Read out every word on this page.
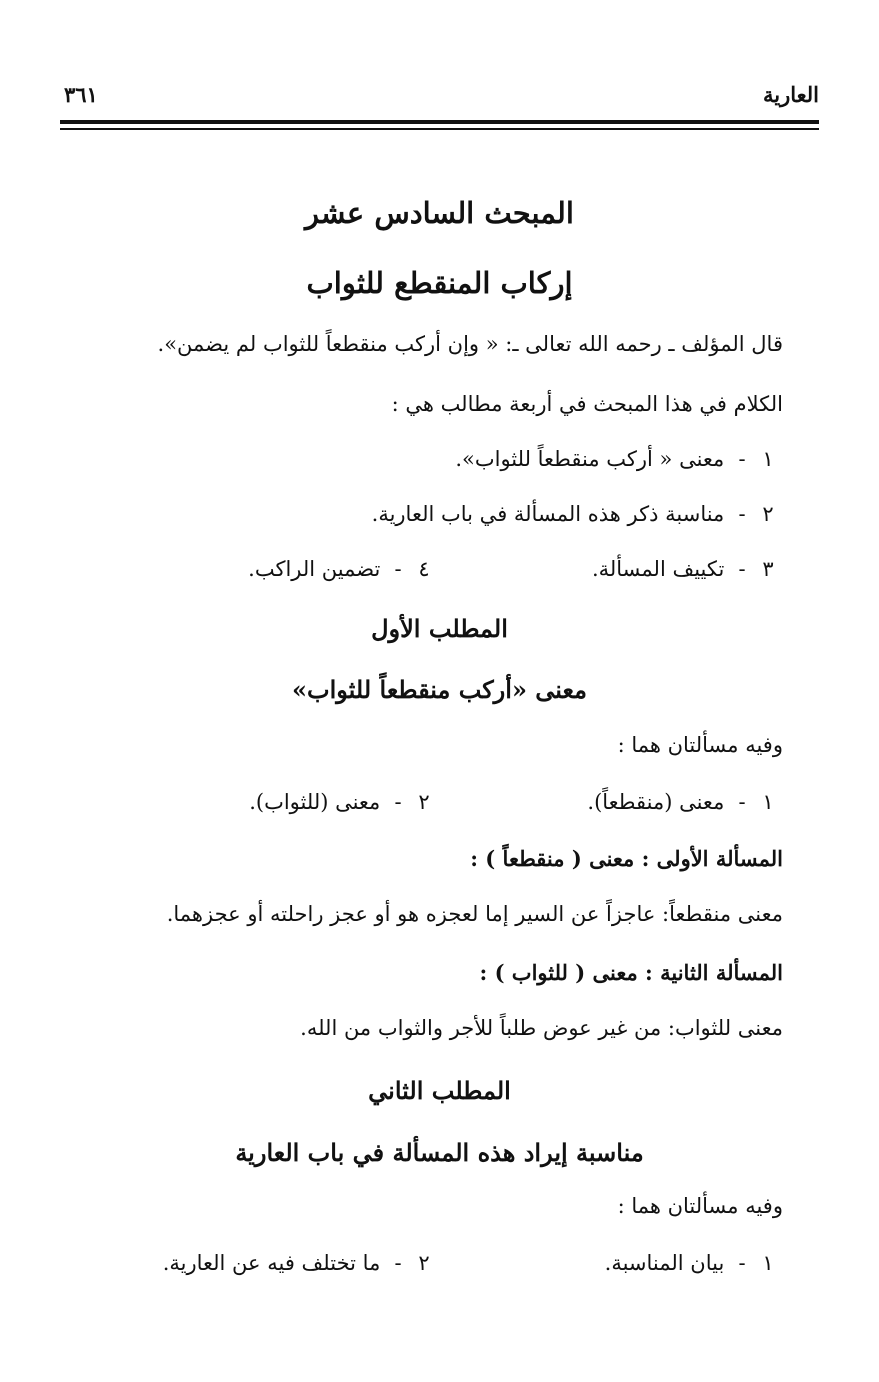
العارية
٣٦١
المبحث السادس عشر
إركاب المنقطع للثواب
قال المؤلف ـ رحمه الله تعالى ـ: « وإن أركب منقطعاً للثواب لم يضمن».
الكلام في هذا المبحث في أربعة مطالب هي :
١- معنى « أركب منقطعاً للثواب».
٢- مناسبة ذكر هذه المسألة في باب العارية.
٣- تكييف المسألة.
٤- تضمين الراكب.
المطلب الأول
معنى «أركب منقطعاً للثواب»
وفيه مسألتان هما :
١- معنى (منقطعاً).
٢- معنى (للثواب).
المسألة الأولى : معنى ( منقطعاً ) :
معنى منقطعاً: عاجزاً عن السير إما لعجزه هو أو عجز راحلته أو عجزهما.
المسألة الثانية : معنى ( للثواب ) :
معنى للثواب: من غير عوض طلباً للأجر والثواب من الله.
المطلب الثاني
مناسبة إيراد هذه المسألة في باب العارية
وفيه مسألتان هما :
١- بيان المناسبة.
٢- ما تختلف فيه عن العارية.
